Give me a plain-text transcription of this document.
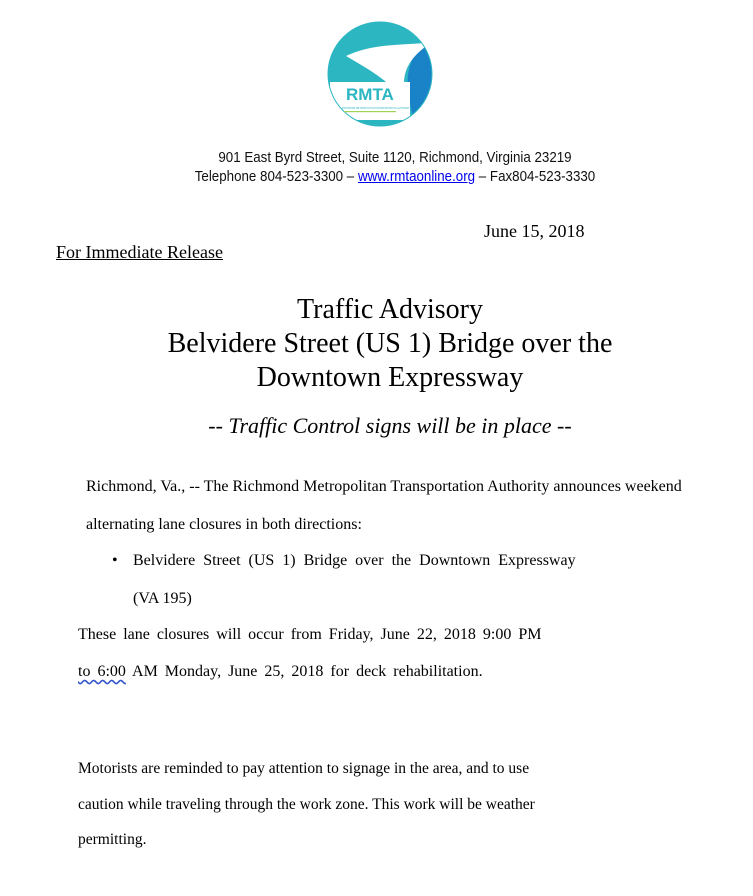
RMTA
RICHMOND METROPOLITAN TRANSPORTATION AUTHORITY
901 East Byrd Street, Suite 1120, Richmond, Virginia 23219
Telephone 804-523-3300 – www.rmtaonline.org – Fax804-523-3330
June 15, 2018
For Immediate Release
Traffic Advisory
Belvidere Street (US 1) Bridge over the
Downtown Expressway
-- Traffic Control signs will be in place --
Richmond, Va., -- The Richmond Metropolitan Transportation Authority announces weekend
alternating lane closures in both directions:
• Belvidere Street (US 1) Bridge over the Downtown Expressway
(VA 195)
These lane closures will occur from Friday, June 22, 2018 9:00 PM
to 6:00 AM Monday, June 25, 2018 for deck rehabilitation.
Motorists are reminded to pay attention to signage in the area, and to use
caution while traveling through the work zone. This work will be weather
permitting.
